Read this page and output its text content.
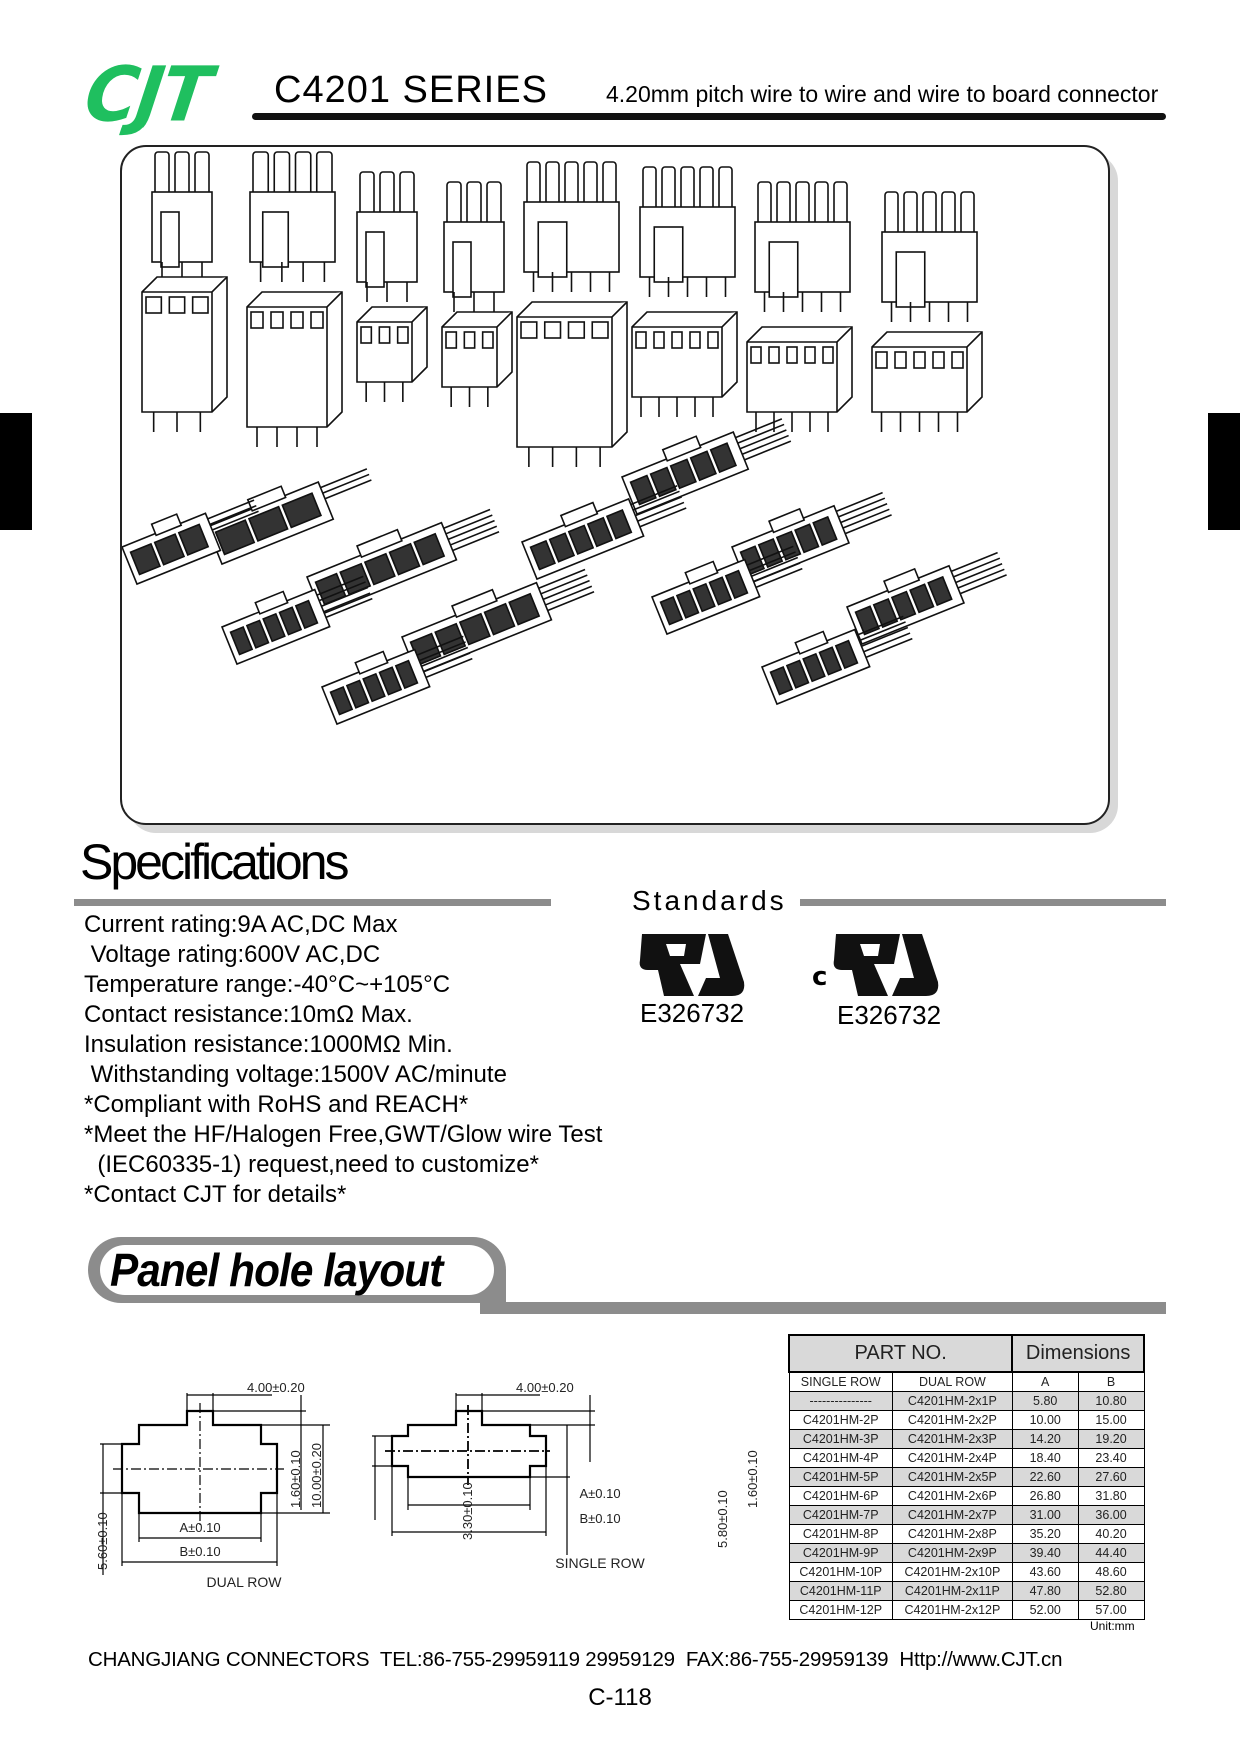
CJT C4201 SERIES	4.20mm pitch wire to wire and wire to board connector
Specifications
Standards
Current rating:9A AC,DC Max
Voltage rating:600V AC,DC
Temperature range:-40°C~+105°C
Contact resistance:10mΩ Max.
Insulation resistance:1000MΩ Min.
Withstanding voltage:1500V AC/minute
*Compliant with RoHS and REACH*
*Meet the HF/Halogen Free,GWT/Glow wire Test
(IEC60335-1) request,need to customize*
*Contact CJT for details*
E326732
c
E326732
Panel hole layout
4.00±0.20
A±0.10
B±0.10
DUAL ROW
1.60±0.10 10.00±0.20
5.60±0.10
4.00±0.20
A±0.10
B±0.10
SINGLE ROW
1.60±0.10
5.80±0.10
3.30±0.10
PART NO.		Dimensions	
SINGLE ROW	DUAL ROW	A	B
---------------	C4201HM-2x1P	5.80	10.80
C4201HM-2P	C4201HM-2x2P	10.00	15.00
C4201HM-3P	C4201HM-2x3P	14.20	19.20
C4201HM-4P	C4201HM-2x4P	18.40	23.40
C4201HM-5P	C4201HM-2x5P	22.60	27.60
C4201HM-6P	C4201HM-2x6P	26.80	31.80
C4201HM-7P	C4201HM-2x7P	31.00	36.00
C4201HM-8P	C4201HM-2x8P	35.20	40.20
C4201HM-9P	C4201HM-2x9P	39.40	44.40
C4201HM-10P	C4201HM-2x10P	43.60	48.60
C4201HM-11P	C4201HM-2x11P	47.80	52.80
C4201HM-12P	C4201HM-2x12P	52.00	57.00
Unit:mm
CHANGJIANG CONNECTORS  TEL:86-755-29959119 29959129  FAX:86-755-29959139  Http://www.CJT.cn
C-118
